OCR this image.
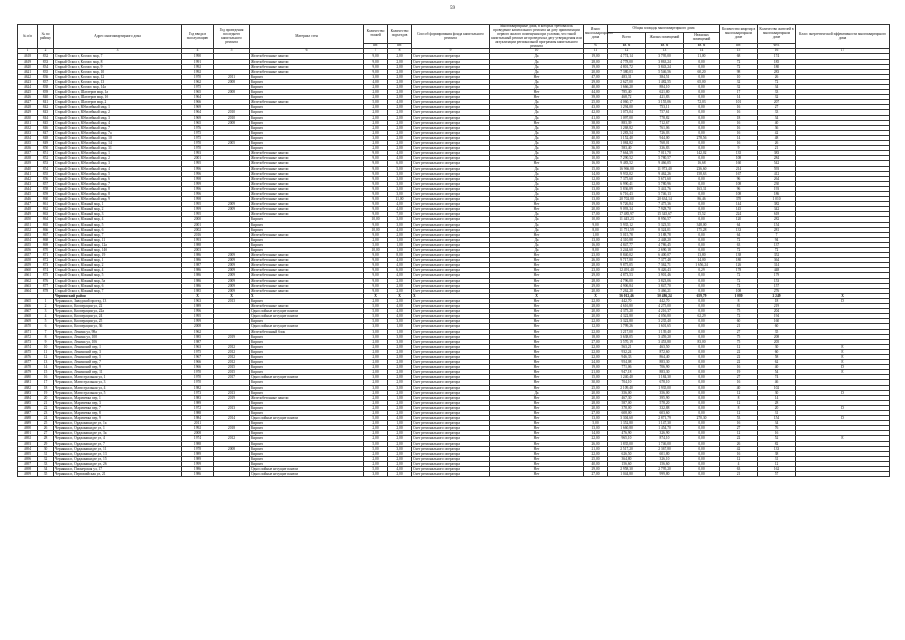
59
№ п/п	№ по району	Адрес многоквартирного дома	Год ввода в эксплуатацию	Год проведения последнего капитального ремонта	Материал стен	Количество этажей	Количество подъездов	Способ формирования фонда капитального ремонта	Многоквартирные дома, в которых требовалось проведение капитального ремонта на дату приватизации первого жилого помещения при условии, что такой капитальный ремонт не проведен на дату утверждения или актуализации региональной программы капитального ремонта	Износ многоквартирного дома	Общая площадь многоквартирного дома			Количество квартир в многоквартирном доме	Количество жителей в многоквартирном доме	Класс энергетической эффективности многоквартирного дома
											Всего	Жилых помещений	Нежилых помещений			
						шт.	шт.			%	кв. м	кв. м	кв. м	шт.	чел.	
1	2	3	4	5	6	7	8	9	10	11	12	13	14	15	16	17
4618	832	Старый Оскол г, Космос мкр, 7	1990		Железобетонные панели	9,00	2,00	Счет регионального оператора	Да	19,00	4 774,14	3 795,00	11,00	68	174	
4619	833	Старый Оскол г, Космос мкр, 8	1991		Железобетонные панели	9,00	2,00	Счет регионального оператора	Да	28,00	4 778,00	3 863,24	0,00	72	185	
4620	834	Старый Оскол г, Космос мкр, 9	1992		Железобетонные панели	9,00	2,00	Счет регионального оператора	Да	19,00	4 801,72	3 843,24	0,00	72	180	
4621	835	Старый Оскол г, Космос мкр, 10	1992		Железобетонные панели	9,00	2,00	Счет регионального оператора	Да	20,00	7 380,03	5 546,56	60,20	98	283	
4622	836	Старый Оскол г, Космос мкр, 12	1970	2011	Кирпич	3,00	2,00	Счет регионального оператора	Нет	47,00	483,31	384,51	0,00	10	26	
4623	837	Старый Оскол г, Космос мкр, 13	1962	2008	Кирпич	4,00	2,00	Счет регионального оператора	Да	29,00	2 627,00	1 482,55	65,00	32	72	
4624	838	Старый Оскол г, Космос мкр, 14а	1975		Кирпич	2,00	2,00	Счет регионального оператора	Да	40,00	1 666,20	884,10	0,00	32	34	
4625	839	Старый Оскол г, Шахтеров мкр, 1а	1965	2008	Кирпич	2,00	2,00	Счет регионального оператора	Нет	44,00	785,40	621,80	0,00	17	33	
4626	840	Старый Оскол г, Шахтеров мкр, 1б	1964		Кирпич	2,00	2,00	Счет регионального оператора	Нет	39,00	468,72	421,83	0,00	14	32	
4627	841	Старый Оскол г, Шахтеров мкр, 2	1966		Железобетонные панели	5,00	4,00	Счет регионального оператора	Да	25,00	4 060,17	3 155,06	72,03	101	207	
4628	842	Старый Оскол г, Юбилейный мкр, 1	1969		Кирпич	2,00	2,00	Счет регионального оператора	Да	43,00	1 294,00	753,11	0,00	16	27	
4629	843	Старый Оскол г, Юбилейный мкр, 2	1964	2010	Кирпич	2,00	2,00	Счет регионального оператора	Да	42,00	1 073,04	757,61	0,00	16	33	
4630	844	Старый Оскол г, Юбилейный мкр, 3	1969	2010	Кирпич	2,00	2,00	Счет регионального оператора	Да	41,00	1 097,00	778,82	0,00	18	34	
4631	845	Старый Оскол г, Юбилейный мкр, 4	1965	2008	Кирпич	2,00	2,00	Счет регионального оператора	Нет	38,00	883,39	712,67	0,00	16	40	
4632	846	Старый Оскол г, Юбилейный мкр, 7	1976		Кирпич	2,00	2,00	Счет регионального оператора	Да	39,00	1 268,82	761,06	0,00	16	36	
4633	847	Старый Оскол г, Юбилейный мкр, 7а	1975		Кирпич	2,00	2,00	Счет регионального оператора	Да	38,00	1 283,54	726,03	0,00	16	42	
4634	848	Старый Оскол г, Юбилейный мкр, 10	1975		Кирпич	3,00	2,00	Счет регионального оператора	Да	40,00	1 152,40	944,00	278,56	14	48	
4635	849	Старый Оскол г, Юбилейный мкр, 14	1970	2005	Кирпич	2,00	2,00	Счет регионального оператора	Да	35,00	1 084,82	768,01	0,00	16	26	
4636	850	Старый Оскол г, Юбилейный мкр, 31	1970		Кирпич	2,00	2,00	Счет регионального оператора	Да	36,00	583,40	336,83	0,00	9	21	
4637	851	Старый Оскол г, Юбилейный мкр, 1	1993		Железобетонные панели	9,00	4,00	Счет регионального оператора	Да	16,00	7 664,59	7 011,70	142,02	135	383	
4638	852	Старый Оскол г, Юбилейный мкр, 2	2001		Железобетонные панели	9,00	4,00	Счет регионального оператора	Да	10,00	7 290,52	5 780,57	0,00	108	284	
4639	853	Старый Оскол г, Юбилейный мкр, 3	1995		Железобетонные панели	9,00	6,00	Счет регионального оператора	Нет	16,00	9 483,52	9 466,05	16,68	160	542	
4640	854	Старый Оскол г, Юбилейный мкр, 4	1996		Железобетонные панели	9,00	5,00	Счет регионального оператора	Да	15,00	16 966,00	11 973,40	236,60	214	593	
4641	855	Старый Оскол г, Юбилейный мкр, 5	1996		Железобетонные панели	9,00	3,00	Счет регионального оператора	Да	14,00	9 933,02	9 462,26	158,63	167	412	
4642	856	Старый Оскол г, Юбилейный мкр, 6	1998		Железобетонные панели	9,00	3,00	Счет регионального оператора	Да	12,00	7 375,60	5 671,60	0,00	96	264	
4643	857	Старый Оскол г, Юбилейный мкр, 7	1999		Железобетонные панели	9,00	3,00	Счет регионального оператора	Да	12,00	6 990,41	5 780,96	0,00	108	230	
4644	858	Старый Оскол г, Юбилейный мкр, 8	1996		Железобетонные панели	9,00	3,00	Счет регионального оператора	Да	13,00	5 836,89	5 441,76	163,31	96	193	
4645	859	Старый Оскол г, Юбилейный мкр, 8	1996		Железобетонные панели	9,00	3,00	Счет регионального оператора	Да	13,00	6 716,43	5 746,13	0,00	108	186	
4646	860	Старый Оскол г, Юбилейный мкр, 9	1998		Железобетонные панели	9,00	11,00	Счет регионального оператора	Да	13,00	20 702,00	20 634,14	86,46	370	1 010	
4647	861	Старый Оскол г, Южный мкр, 1	1995	2009	Железобетонные панели	9,00	4,00	Счет регионального оператора	Нет	19,00	9 726,84	7 475,36	0,00	144	382	
4648	862	Старый Оскол г, Южный мкр, 2	1999	2009	Железобетонные панели	9,00	4,00	Счет регионального оператора	Нет	20,00	9 093,34	7 928,70	0,00	145	342	
4649	863	Старый Оскол г, Южный мкр, 3	1995		Железобетонные панели	9,00	7,00	Счет регионального оператора	Да	17,00	17 485,97	15 345,67	15,52	224	618	
4650	864	Старый Оскол г, Южный мкр, 4	2000		Кирпич	10,00	3,00	Счет регионального оператора	Да	10,00	11 445,23	8 956,57	0,00	120	282	
4651	865	Старый Оскол г, Южный мкр, 5	2001		Кирпич	9,00	3,00	Счет регионального оператора	Да	9,00	5 935,12	5 323,51	348,00	64	154	
4652	866	Старый Оскол г, Южный мкр, 6	2002		Кирпич	10,00	4,00	Счет регионального оператора	Да	8,00	11 751,59	8 324,01	175,28	133	281	
4653	867	Старый Оскол г, Южный мкр, 7	2016		Железобетонные панели	9,00	2,00	Счет регионального оператора	Нет	1,00	5 015,78	3 188,78	0,00	64	7	
4654	868	Старый Оскол г, Южный мкр, 11	1993		Кирпич	2,00	1,00	Счет регионального оператора	Да	13,00	4 310,88	2 448,20	0,00	72	94	
4655	869	Старый Оскол г, Южный мкр, 12а	1988		Кирпич	5,00	1,00	Счет регионального оператора	Да	16,00	4 847,77	4 786,45	0,00	63	137	
4656	870	Старый Оскол г, Южный мкр, 14б	2003		Кирпич	10,00	1,00	Счет регионального оператора	Да	8,00	3 244,60	2 690,18	0,00	72	72	
4657	871	Старый Оскол г, Южный мкр, 19	1986	2009	Железобетонные панели	9,00	8,00	Счет регионального оператора	Нет	23,00	8 840,02	6 400,07	13,80	138	352	
4658	872	Старый Оскол г, Южный мкр, 1	1986	2009	Железобетонные панели	9,00	4,00	Счет регионального оператора	Нет	26,00	9 717,80	7 377,48	14,00	180	364	
4659	873	Старый Оскол г, Южный мкр, 2	1987	2009	Железобетонные панели	9,00	4,00	Счет регионального оператора	Нет	28,00	9 875,05	7 362,71	1 656,24	126	314	
4660	874	Старый Оскол г, Южный мкр, 4	1986	2009	Железобетонные панели	9,00	6,00	Счет регионального оператора	Нет	23,00	12 491,40	9 426,43	0,29	178	448	
4661	875	Старый Оскол г, Южный мкр, 5	1986	2009	Железобетонные панели	9,00	4,00	Счет регионального оператора	Нет	29,00	4 873,53	3 901,46	0,00	72	179	
4662	876	Старый Оскол г, Южный мкр, 5а	1986	2009	Железобетонные панели	9,00	2,00	Счет регионального оператора	Нет	28,00	4 796,00	3 823,06	0,00	72	153	
4663	877	Старый Оскол г, Южный мкр, 6	1986	2009	Железобетонные панели	9,00	2,00	Счет регионального оператора	Нет	29,00	4 906,84	3 847,70	0,00	72	157	
4664	878	Старый Оскол г, Южный мкр, 7	1985	2009	Железобетонные панели	9,00	2,00	Счет регионального оператора	Нет	20,00	7 262,20	5 466,21	0,00	108	276	
		Чернянский район	X	X	X	X	X	X	X	X	56 012,46	50 486,24	659,79	1 080	2 249	X
4665	1	Чернянка п, Заводской проезд, 13	1963	2013	Кирпич	2,00	2,00	Счет регионального оператора	Нет	22,00	442,70	442,70	0,00	8	18	D
4666	2	Чернянка п, Кооперации ул, 22	1989		Железобетонные панели	5,00	4,00	Счет регионального оператора	Нет	28,00	4 616,80	4 275,00	0,00	81	219	
4667	3	Чернянка п, Кооперации ул, 22а	1996		Однослойные несущие панели	5,00	4,00	Счет регионального оператора	Нет	20,00	4 375,20	4 216,37	0,00	75	204	
4668	4	Чернянка п, Кооперации ул, 24	1995		Однослойные несущие панели	5,00	4,00	Счет регионального оператора	Нет	20,00	4 322,80	4 056,80	62,29	72	194	
4669	5	Чернянка п, Кооперации ул, 25	1999		Кирпич	5,00	3,00	Счет регионального оператора	Нет	22,00	3 322,80	3 235,40	0,00	60	160	
4670	6	Чернянка п, Кооперации ул, 36	2008		Однослойные несущие панели	3,00	1,00	Счет регионального оператора	Нет	12,00	1 799,26	1 601,65	0,00	21	60	
4671	7	Чернянка п, Ленина ул, 98а	1962		Железобетонный блок	3,00	1,00	Счет регионального оператора	Нет	22,00	1 217,00	1 139,40	0,00	27	35	
4672	8	Чернянка п, Ленина ул, 100	1985	2019	Кирпич	3,00	3,00	Счет регионального оператора	Нет	18,00	3 638,05	3 459,20	0,00	75	208	
4673	9	Чернянка п, Ленина ул, 106	1987		Кирпич	2,00	3,00	Счет регионального оператора	Нет	27,00	3 570,19	3 453,80	83,00	75	205	
4674	10	Чернянка п, Ленинский пер, 1	1963	2012	Кирпич	2,00	2,00	Счет регионального оператора	Нет	22,00	563,21	463,50	0,00	12	30	E
4675	11	Чернянка п, Ленинский пер, 3	1975	2012	Кирпич	2,00	2,00	Счет регионального оператора	Нет	22,00	932,24	872,60	0,00	22	60	E
4676	12	Чернянка п, Ленинский пер, 5	1967	2012	Кирпич	2,00	2,00	Счет регионального оператора	Нет	22,00	946,33	864,40	0,00	22	58	E
4677	13	Чернянка п, Ленинский пер, 7	1966	2012	Кирпич	2,00	2,00	Счет регионального оператора	Нет	24,00	954,08	883,30	0,00	22	62	E
4678	14	Чернянка п, Ленинский пер, 9	1966	2015	Кирпич	2,00	2,00	Счет регионального оператора	Нет	19,00	771,06	706,90	0,00	16	40	D
4679	15	Чернянка п, Ленинский пер, 11	1970	2015	Кирпич	2,00	2,00	Счет регионального оператора	Нет	21,00	947,18	883,30	0,00	19	54	E
4680	16	Чернянка п, Магистральная ул, 1	1970	2017	Однослойные несущие панели	3,00	2,00	Счет регионального оператора	Нет	15,00	1 240,40	1 184,30	0,00	27	74	
4681	17	Чернянка п, Магистральная ул, 3	1970		Кирпич	2,00	2,00	Счет регионального оператора	Нет	30,00	704,10	678,10	0,00	16	46	
4682	18	Чернянка п, Магистральная ул, 4	1982		Кирпич	3,00	3,00	Счет регионального оператора	Нет	25,00	2 109,40	1 935,00	0,00	40	102	
4683	19	Чернянка п, Магистральная ул, 5	1973	2013	Кирпич	2,00	2,00	Счет регионального оператора	Да	20,00	356,00	356,00	0,00	12	30	D
4684	20	Чернянка п, Маричевка пер, 1	1983	2019	Железобетонные панели	2,00	1,00	Счет регионального оператора	Нет	20,00	467,30	395,90	0,00	8	14	
4685	21	Чернянка п, Маричевка пер, 3	1989		Кирпич	2,00	2,00	Счет регионального оператора	Нет	28,00	587,00	578,20	0,00	12	28	
4686	22	Чернянка п, Маричевка пер, 7	1972	2013	Кирпич	2,00	2,00	Счет регионального оператора	Нет	20,00	378,00	332,88	0,00	8	20	D
4687	23	Чернянка п, Маричевка пер, 8	1988		Кирпич	2,00	2,00	Счет регионального оператора	Нет	27,00	608,00	603,60	0,00	12	31	
4688	24	Чернянка п, Маричевка пер, 9	1984	2014	Однослойные несущие панели	5,00	4,00	Счет регионального оператора	Нет	13,00	3 304,60	2 871,79	270,30	53	154	D
4689	25	Чернянка п, Орджоникидзе ул, 1а	2011		Кирпич	2,00	1,00	Счет регионального оператора	Нет	5,00	1 352,80	1 147,30	0,00	16	34	
4690	26	Чернянка п, Орджоникидзе ул, 1	1992	2018	Кирпич	2,00	2,00	Счет регионального оператора	Нет	13,00	1 660,80	1 454,70	0,00	27	76	
4691	27	Чернянка п, Орджоникидзе ул, 3а	2008		Кирпич	2,00	2,00	Счет регионального оператора	Нет	14,00	476,90	326,90	0,00	12	16	
4692	28	Чернянка п, Орджоникидзе ул, 4	1974	2012	Кирпич	2,00	2,00	Счет регионального оператора	Нет	22,00	965,10	874,10	0,00	22	52	E
4693	29	Чернянка п, Орджоникидзе ул, 7	1988		Кирпич	5,00	2,00	Счет регионального оператора	Нет	26,00	1 835,00	1 746,00	0,00	26	82	
4694	30	Чернянка п, Орджоникидзе ул, 11	1978	2008	Кирпич	5,00	3,00	Счет регионального оператора	Нет	21,00	2 517,20	2 367,80	0,00	42	133	
4695	31	Чернянка п, Орджоникидзе ул, 13	1989		Кирпич	2,00	2,00	Счет регионального оператора	Нет	22,00	626,50	601,80	0,00	16	38	
4696	32	Чернянка п, Орджоникидзе ул, 15	1989		Кирпич	2,00	2,00	Счет регионального оператора	Нет	25,00	364,80	326,10	0,00	12	31	
4697	33	Чернянка п, Орджоникидзе ул, 26	1999		Кирпич	2,00	2,00	Счет регионального оператора	Нет	40,00	156,60	156,60	0,00	4	12	
4698	34	Чернянка п, Пионерская ул, 17	1986		Однослойные несущие панели	5,00	4,00	Счет регионального оператора	Нет	29,00	2 958,30	2 795,20	0,00	63	162	
4699	35	Чернянка п, Первомайская ул, 21	1986		Однослойные несущие панели	3,00	2,00	Счет регионального оператора	Нет	27,00	1 044,80	999,80	0,00	21	57	
